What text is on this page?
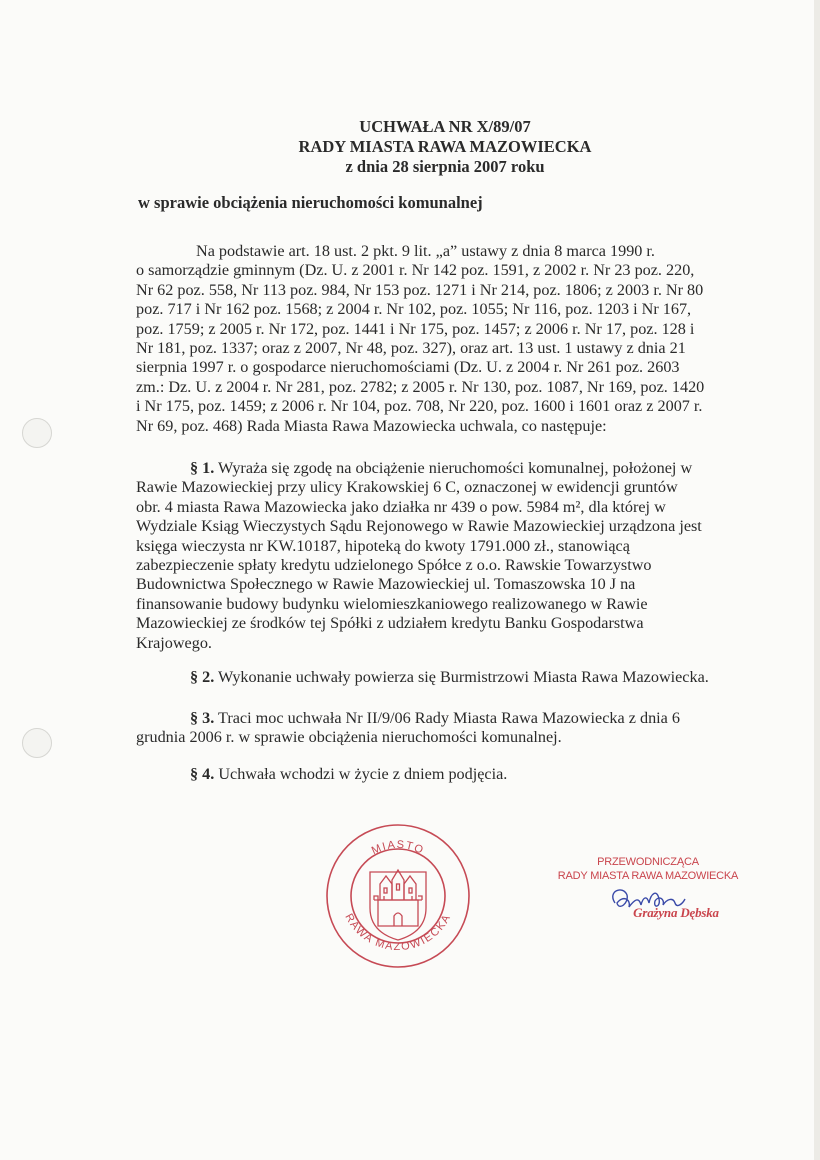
UCHWAŁA NR X/89/07
RADY MIASTA RAWA MAZOWIECKA
z dnia 28 sierpnia 2007 roku
w sprawie obciążenia nieruchomości komunalnej
Na podstawie art. 18 ust. 2 pkt. 9 lit. „a” ustawy z dnia 8 marca 1990 r.
o samorządzie gminnym (Dz. U. z 2001 r. Nr 142 poz. 1591, z 2002 r. Nr 23 poz. 220,
Nr 62 poz. 558, Nr 113 poz. 984, Nr 153 poz. 1271 i Nr 214, poz. 1806; z 2003 r. Nr 80
poz. 717 i Nr 162 poz. 1568; z 2004 r. Nr 102, poz. 1055; Nr 116, poz. 1203 i Nr 167,
poz. 1759; z 2005 r. Nr 172, poz. 1441 i Nr 175, poz. 1457; z 2006 r. Nr 17, poz. 128 i
Nr 181, poz. 1337; oraz z 2007, Nr 48, poz. 327), oraz art. 13 ust. 1 ustawy z dnia 21
sierpnia 1997 r. o gospodarce nieruchomościami (Dz. U. z 2004 r. Nr 261 poz. 2603
zm.: Dz. U. z 2004 r. Nr 281, poz. 2782; z 2005 r. Nr 130, poz. 1087, Nr 169, poz. 1420
i Nr 175, poz. 1459; z 2006 r. Nr 104, poz. 708, Nr 220, poz. 1600 i 1601 oraz z 2007 r.
Nr 69, poz. 468) Rada Miasta Rawa Mazowiecka uchwala, co następuje:
§ 1. Wyraża się zgodę na obciążenie nieruchomości komunalnej, położonej w
Rawie Mazowieckiej przy ulicy Krakowskiej 6 C, oznaczonej w ewidencji gruntów
obr. 4 miasta Rawa Mazowiecka jako działka nr 439 o pow. 5984 m², dla której w
Wydziale Ksiąg Wieczystych Sądu Rejonowego w Rawie Mazowieckiej urządzona jest
księga wieczysta nr KW.10187, hipoteką do kwoty 1791.000 zł., stanowiącą
zabezpieczenie spłaty kredytu udzielonego Spółce z o.o. Rawskie Towarzystwo
Budownictwa Społecznego w Rawie Mazowieckiej ul. Tomaszowska 10 J na
finansowanie budowy budynku wielomieszkaniowego realizowanego w Rawie
Mazowieckiej ze środków tej Spółki z udziałem kredytu Banku Gospodarstwa
Krajowego.
§ 2. Wykonanie uchwały powierza się Burmistrzowi Miasta Rawa Mazowiecka.
§ 3. Traci moc uchwała Nr II/9/06 Rady Miasta Rawa Mazowiecka z dnia 6
grudnia 2006 r. w sprawie obciążenia nieruchomości komunalnej.
§ 4. Uchwała wchodzi w życie z dniem podjęcia.
MIASTO
RAWA MAZOWIECKA
PRZEWODNICZĄCA
RADY MIASTA RAWA MAZOWIECKA
Grażyna Dębska
